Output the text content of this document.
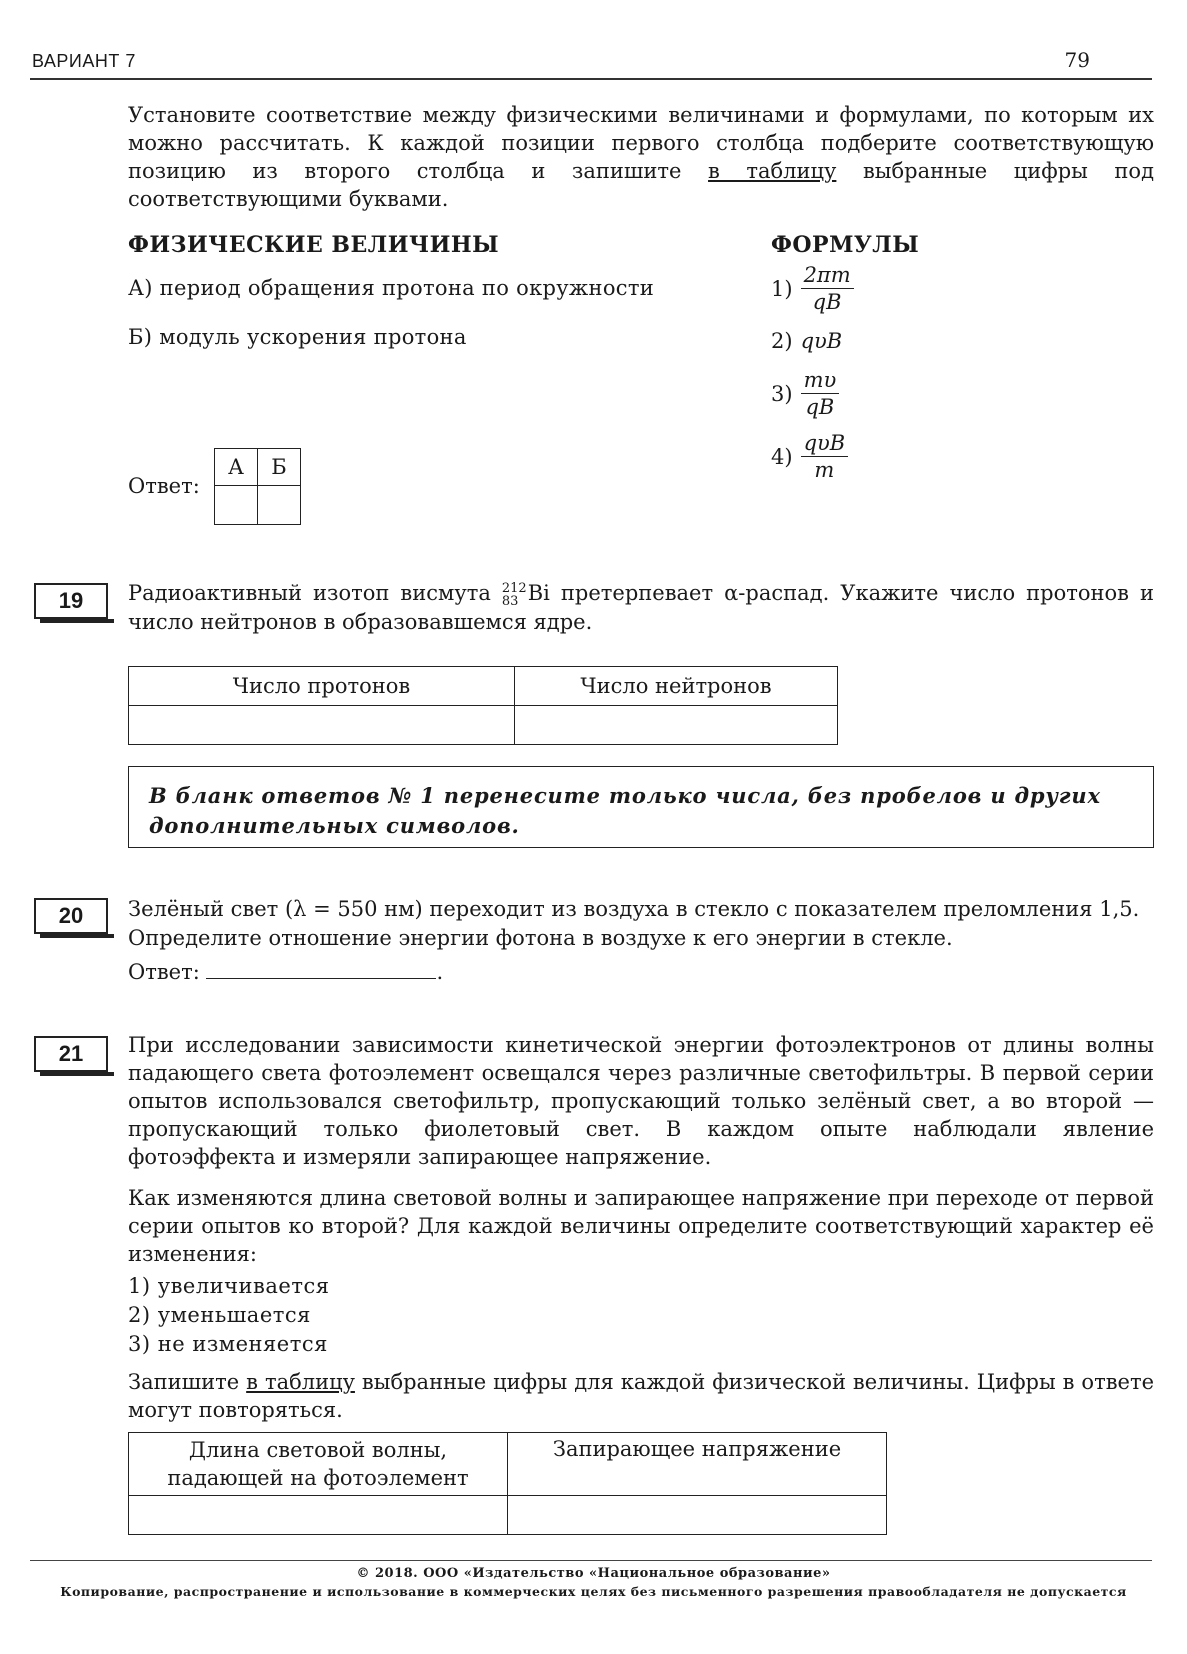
ВАРИАНТ 7	79

Установите соответствие между физическими величинами и формулами, по которым их можно рассчитать. К каждой позиции первого столбца подберите соответствующую позицию из второго столбца и запишите в таблицу выбранные цифры под соответствующими буквами.

ФИЗИЧЕСКИЕ ВЕЛИЧИНЫ	ФОРМУЛЫ
А) период обращения протона по окружности
Б) модуль ускорения протона
$1) \frac{2\pi m}{qB}$
2) qυB
$3) \frac{m\upsilon}{qB}$
$4) \frac{\text{qυB}}{m}$
Ответ:
А	Б

19	Радиоактивный изотоп висмута 212
83 Bi претерпевает α-распад. Укажите число протонов и число нейтронов в образовавшемся ядре.

Число протонов	Число нейтронов

В бланк ответов № 1 перенесите только числа, без пробелов и других дополнительных символов.
20	Зелёный свет (λ = 550 нм) переходит из воздуха в стекло с показателем преломления 1,5.
Определите отношение энергии фотона в воздухе к его энергии в стекле.
Ответ:	.
21	При исследовании зависимости кинетической энергии фотоэлектронов от длины волны падающего света фотоэлемент освещался через различные светофильтры. В первой серии опытов использовался светофильтр, пропускающий только зелёный свет, а во второй — пропускающий только фиолетовый свет. В каждом опыте наблюдали явление фотоэффекта и измеряли запирающее напряжение.

Как изменяются длина световой волны и запирающее напряжение при переходе от первой серии опытов ко второй? Для каждой величины определите соответствующий характер её изменения:

1) увеличивается
2) уменьшается
3) не изменяется

Запишите в таблицу выбранные цифры для каждой физической величины. Цифры в ответе могут повторяться.

Длина световой волны, падающей на фотоэлемент	Запирающее напряжение

© 2018. ООО «Издательство «Национальное образование»
Копирование, распространение и использование в коммерческих целях без письменного разрешения правообладателя не допускается
